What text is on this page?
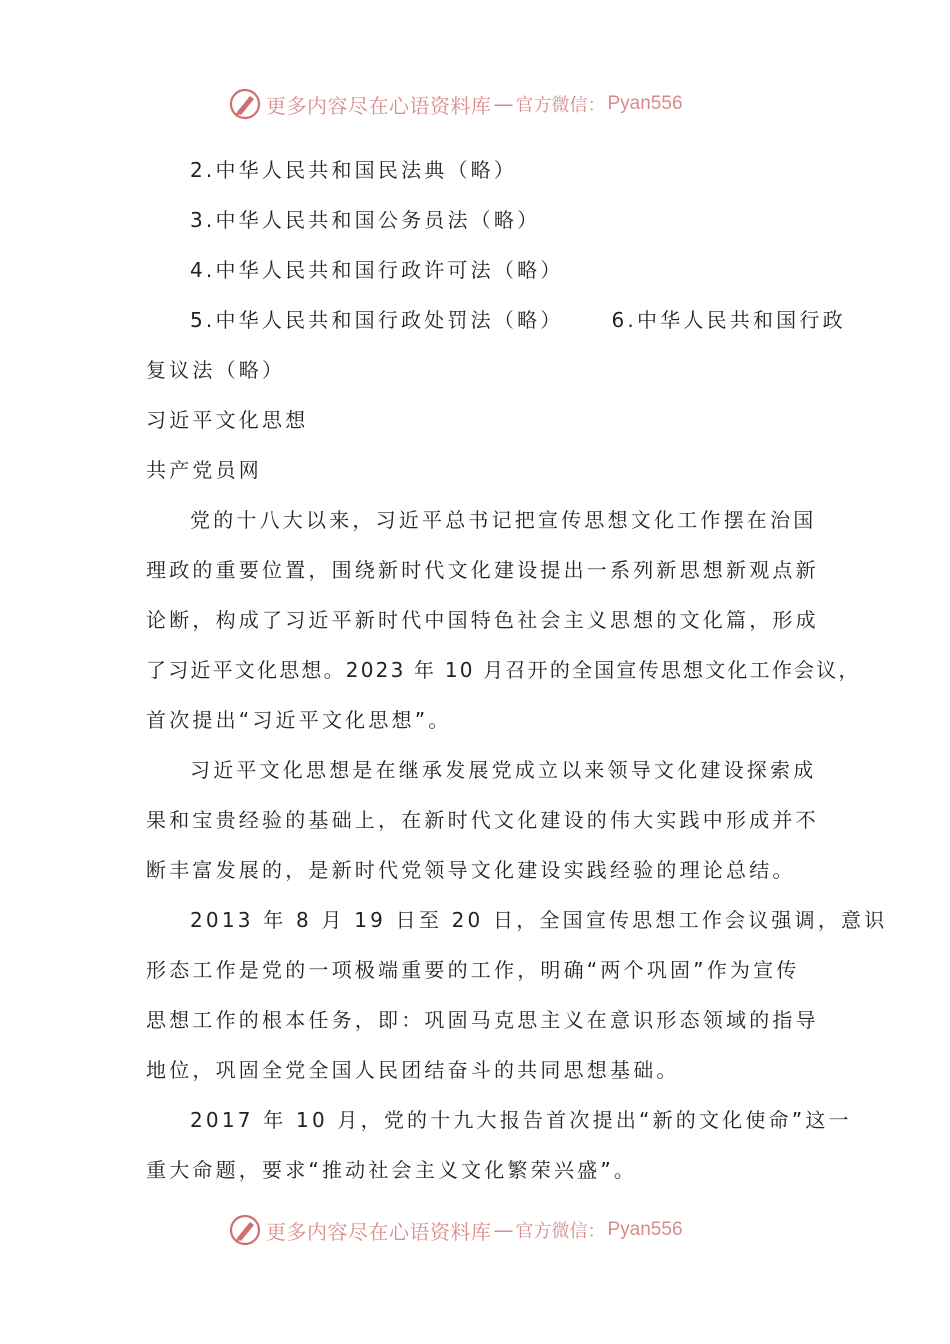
更多内容尽在心语资料库 — 官方微信： Pyan556
2.中华人民共和国民法典（略）
3.中华人民共和国公务员法（略）
4.中华人民共和国行政许可法（略）
5.中华人民共和国行政处罚法（略） 6.中华人民共和国行政
复议法（略）
习近平文化思想
共产党员网
党的十八大以来，习近平总书记把宣传思想文化工作摆在治国
理政的重要位置，围绕新时代文化建设提出一系列新思想新观点新
论断，构成了习近平新时代中国特色社会主义思想的文化篇，形成
了习近平文化思想。2023 年 10 月召开的全国宣传思想文化工作会议，
首次提出“习近平文化思想”。
习近平文化思想是在继承发展党成立以来领导文化建设探索成
果和宝贵经验的基础上，在新时代文化建设的伟大实践中形成并不
断丰富发展的，是新时代党领导文化建设实践经验的理论总结。
2013 年 8 月 19 日至 20 日，全国宣传思想工作会议强调，意识
形态工作是党的一项极端重要的工作，明确“两个巩固”作为宣传
思想工作的根本任务，即：巩固马克思主义在意识形态领域的指导
地位，巩固全党全国人民团结奋斗的共同思想基础。
2017 年 10 月，党的十九大报告首次提出“新的文化使命”这一
重大命题，要求“推动社会主义文化繁荣兴盛”。
更多内容尽在心语资料库 — 官方微信： Pyan556
